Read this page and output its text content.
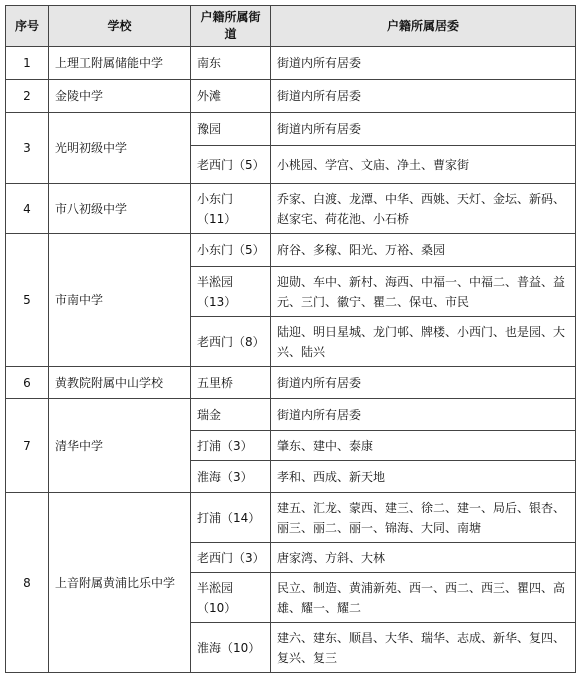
序号	学校	户籍所属街道	户籍所属居委
1	上理工附属储能中学	南东	街道内所有居委
2	金陵中学	外滩	街道内所有居委
3	光明初级中学	豫园	街道内所有居委
		老西门（5）	小桃园、学宫、文庙、净土、曹家街
4	市八初级中学	小东门（11）	乔家、白渡、龙潭、中华、西姚、天灯、金坛、新码、赵家宅、荷花池、小石桥
5	市南中学	小东门（5）	府谷、多稼、阳光、万裕、桑园
		半淞园（13）	迎勋、车中、新村、海西、中福一、中福二、普益、益元、三门、徽宁、瞿二、保屯、市民
		老西门（8）	陆迎、明日星城、龙门邨、牌楼、小西门、也是园、大兴、陆兴
6	黄教院附属中山学校	五里桥	街道内所有居委
7	清华中学	瑞金	街道内所有居委
		打浦（3）	肇东、建中、泰康
		淮海（3）	孝和、西成、新天地
8	上音附属黄浦比乐中学	打浦（14）	建五、汇龙、蒙西、建三、徐二、建一、局后、银杏、丽三、丽二、丽一、锦海、大同、南塘
		老西门（3）	唐家湾、方斜、大林
		半淞园（10）	民立、制造、黄浦新苑、西一、西二、西三、瞿四、高雄、耀一、耀二
		淮海（10）	建六、建东、顺昌、大华、瑞华、志成、新华、复四、复兴、复三
